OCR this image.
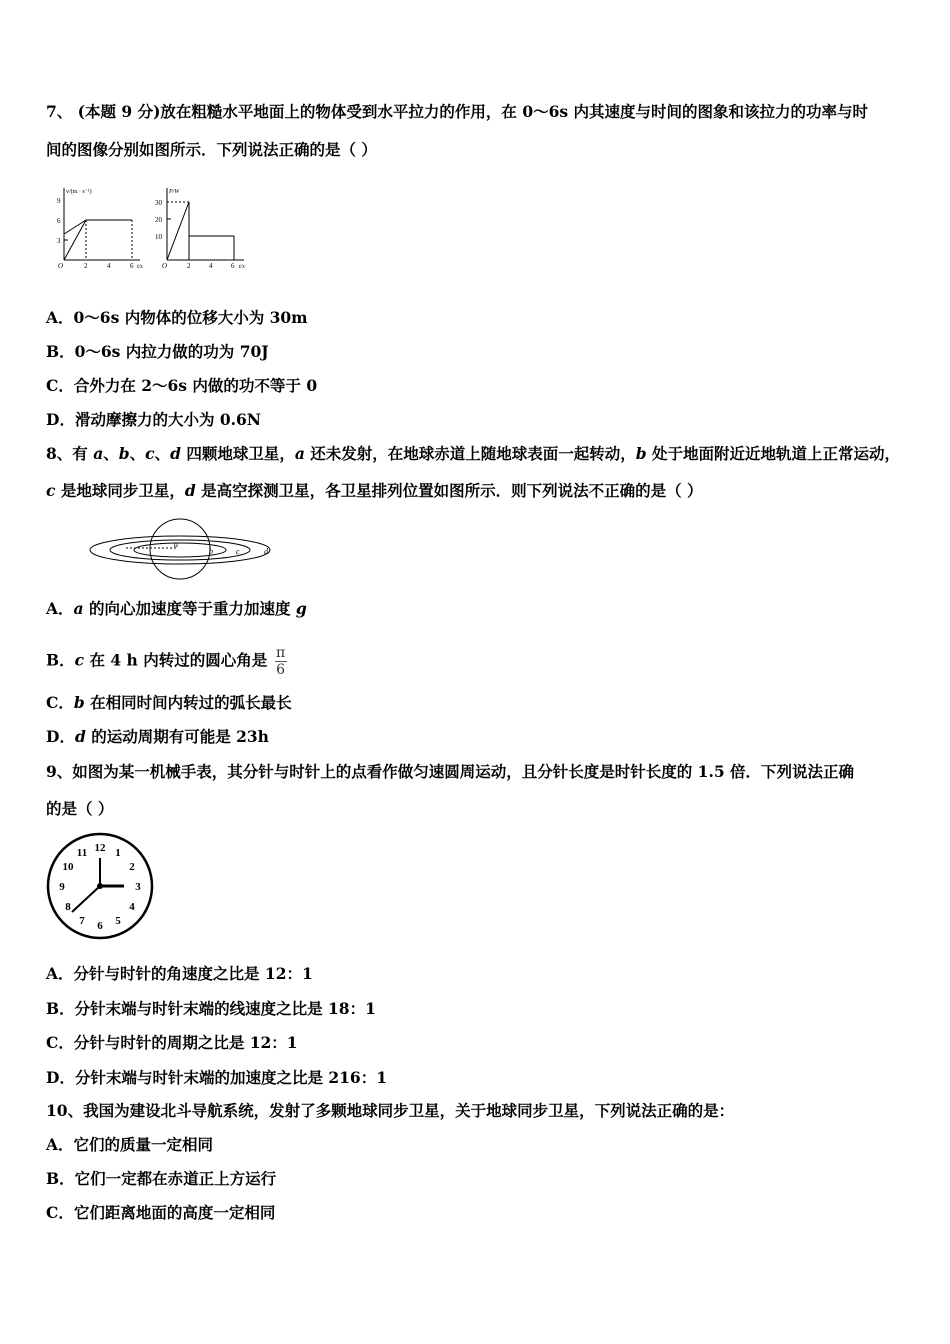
7、 (本题 9 分)放在粗糙水平地面上的物体受到水平拉力的作用，在 0～6s 内其速度与时间的图象和该拉力的功率与时
间的图像分别如图所示．下列说法正确的是（ ）
v/(m · s⁻¹)
9
6
3
O	2	4	6 t/s
P/W
30
20
10
O	2	4	6 t/s
A．0～6s 内物体的位移大小为 30m
B．0～6s 内拉力做的功为 70J
C．合外力在 2～6s 内做的功不等于 0
D．滑动摩擦力的大小为 0.6N
8、有 a、b、c、d 四颗地球卫星，a 还未发射，在地球赤道上随地球表面一起转动，b 处于地面附近近地轨道上正常运动，
c 是地球同步卫星，d 是高空探测卫星，各卫星排列位置如图所示．则下列说法不正确的是（ ）
a
b	c	d
A．a 的向心加速度等于重力加速度 g
B．c 在 4 h 内转过的圆心角是 $\frac{\pi}{6}$
C．b 在相同时间内转过的弧长最长
D．d 的运动周期有可能是 23h
9、如图为某一机械手表，其分针与时针上的点看作做匀速圆周运动，且分针长度是时针长度的 1.5 倍．下列说法正确
的是（ ）
12 1
2
3
4
5
6
7
8
9
10
11
A．分针与时针的角速度之比是 12：1
B．分针末端与时针末端的线速度之比是 18：1
C．分针与时针的周期之比是 12：1
D．分针末端与时针末端的加速度之比是 216：1
10、我国为建设北斗导航系统，发射了多颗地球同步卫星，关于地球同步卫星，下列说法正确的是：
A．它们的质量一定相同
B．它们一定都在赤道正上方运行
C．它们距离地面的高度一定相同
